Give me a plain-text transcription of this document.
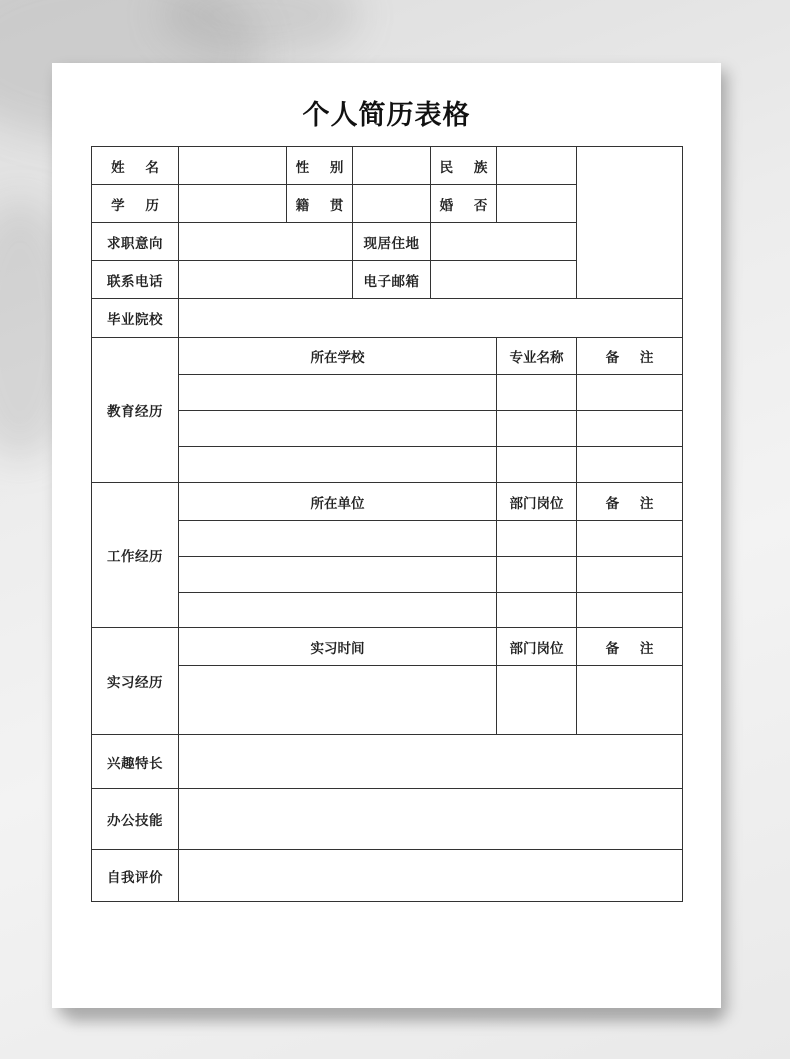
个人简历表格
姓 名		性 别		民 族		
学 历		籍 贯		婚 否		
求职意向			现居住地			
联系电话			电子邮箱			
毕业院校						
教育经历	所在学校				专业名称	备 注

工作经历	所在单位				部门岗位	备 注

实习经历	实习时间				部门岗位	备 注

兴趣特长						
办公技能						
自我评价						
